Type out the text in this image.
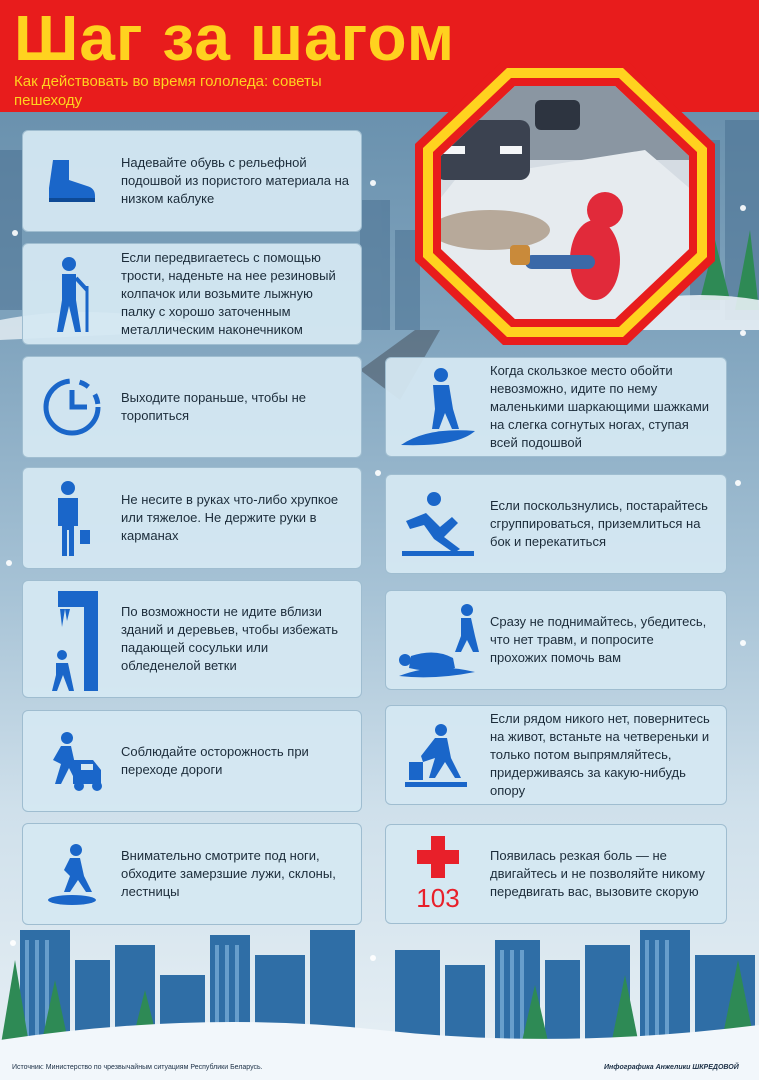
Шаг за шагом
Как действовать во время гололеда: советы пешеходу
Надевайте обувь с рельефной подошвой из пористого материала на низком каблуке
Если передвигаетесь с помощью трости, наденьте на нее резиновый колпачок или возьмите лыжную палку с хорошо заточенным металлическим наконечником
Выходите пораньше, чтобы не торопиться
Не несите в руках что-либо хрупкое или тяжелое. Не держите руки в карманах
По возможности не идите вблизи зданий и деревьев, чтобы избежать падающей сосульки или обледенелой ветки
Соблюдайте осторожность при переходе дороги
Внимательно смотрите под ноги, обходите замерзшие лужи, склоны, лестницы
Когда скользкое место обойти невозможно, идите по нему маленькими шаркающими шажками на слегка согнутых ногах, ступая всей подошвой
Если поскользнулись, постарайтесь сгруппироваться, приземлиться на бок и перекатиться
Сразу не поднимайтесь, убедитесь, что нет травм, и попросите прохожих помочь вам
Если рядом никого нет, повернитесь на живот, встаньте на четвереньки и только потом выпрямляйтесь, придерживаясь за какую-нибудь опору
103
Появилась резкая боль — не двигайтесь и не позволяйте никому передвигать вас, вызовите скорую
Источник: Министерство по чрезвычайным ситуациям Республики Беларусь.	Инфографика Анжелики ШКРЕДОВОЙ
